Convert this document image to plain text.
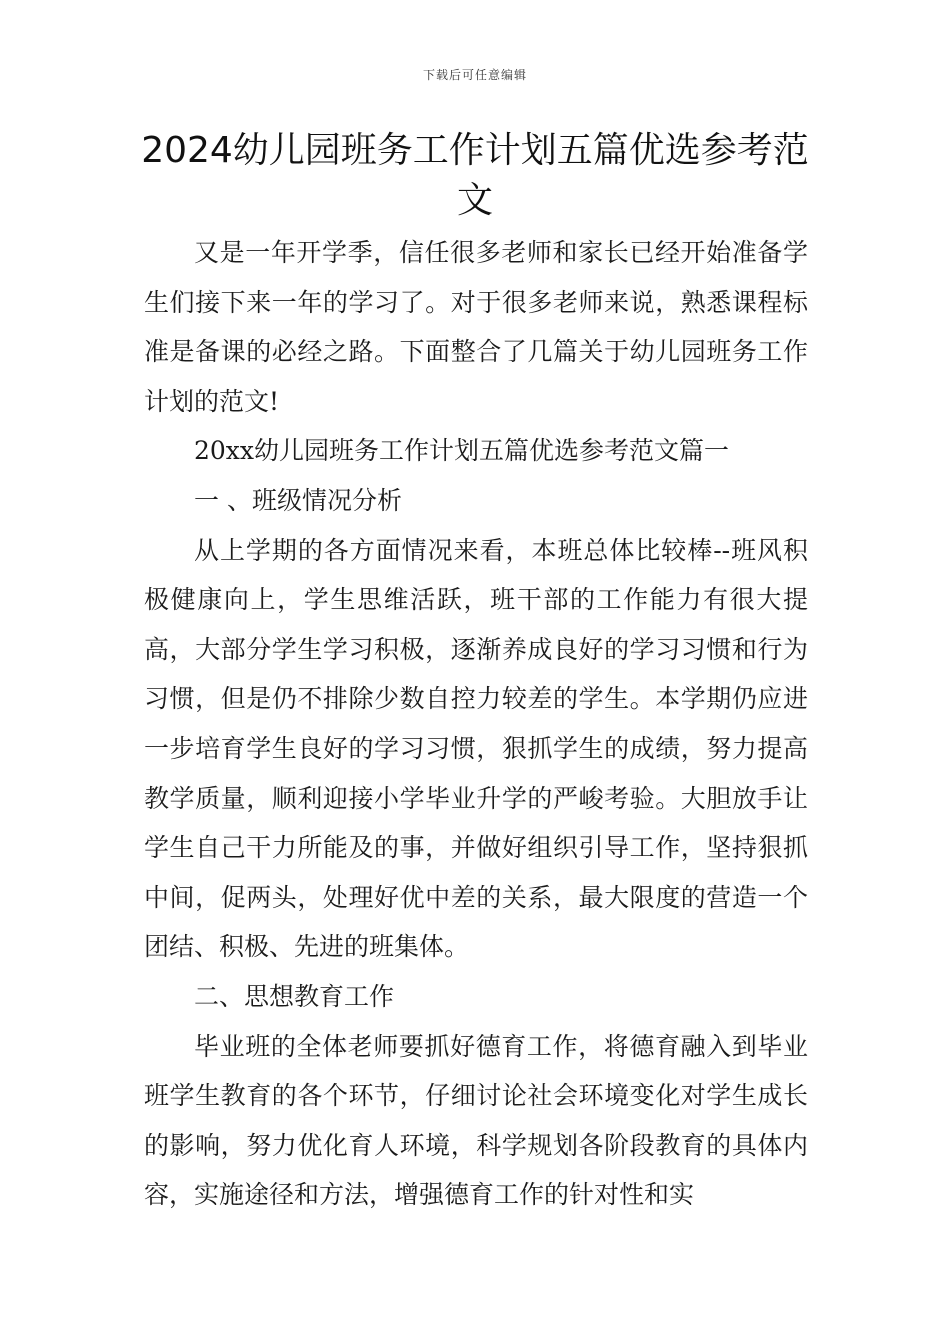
下载后可任意编辑
2024幼儿园班务工作计划五篇优选参考范文

又是一年开学季，信任很多老师和家长已经开始准备学生们接下来一年的学习了。对于很多老师来说，熟悉课程标准是备课的必经之路。下面整合了几篇关于幼儿园班务工作计划的范文!

20xx幼儿园班务工作计划五篇优选参考范文篇一

一 、班级情况分析

从上学期的各方面情况来看，本班总体比较棒--班风积极健康向上，学生思维活跃，班干部的工作能力有很大提高，大部分学生学习积极，逐渐养成良好的学习习惯和行为习惯，但是仍不排除少数自控力较差的学生。本学期仍应进一步培育学生良好的学习习惯，狠抓学生的成绩，努力提高教学质量，顺利迎接小学毕业升学的严峻考验。大胆放手让学生自己干力所能及的事，并做好组织引导工作，坚持狠抓中间，促两头，处理好优中差的关系，最大限度的营造一个团结、积极、先进的班集体。

二、思想教育工作

毕业班的全体老师要抓好德育工作，将德育融入到毕业班学生教育的各个环节，仔细讨论社会环境变化对学生成长的影响，努力优化育人环境，科学规划各阶段教育的具体内容，实施途径和方法，增强德育工作的针对性和实
